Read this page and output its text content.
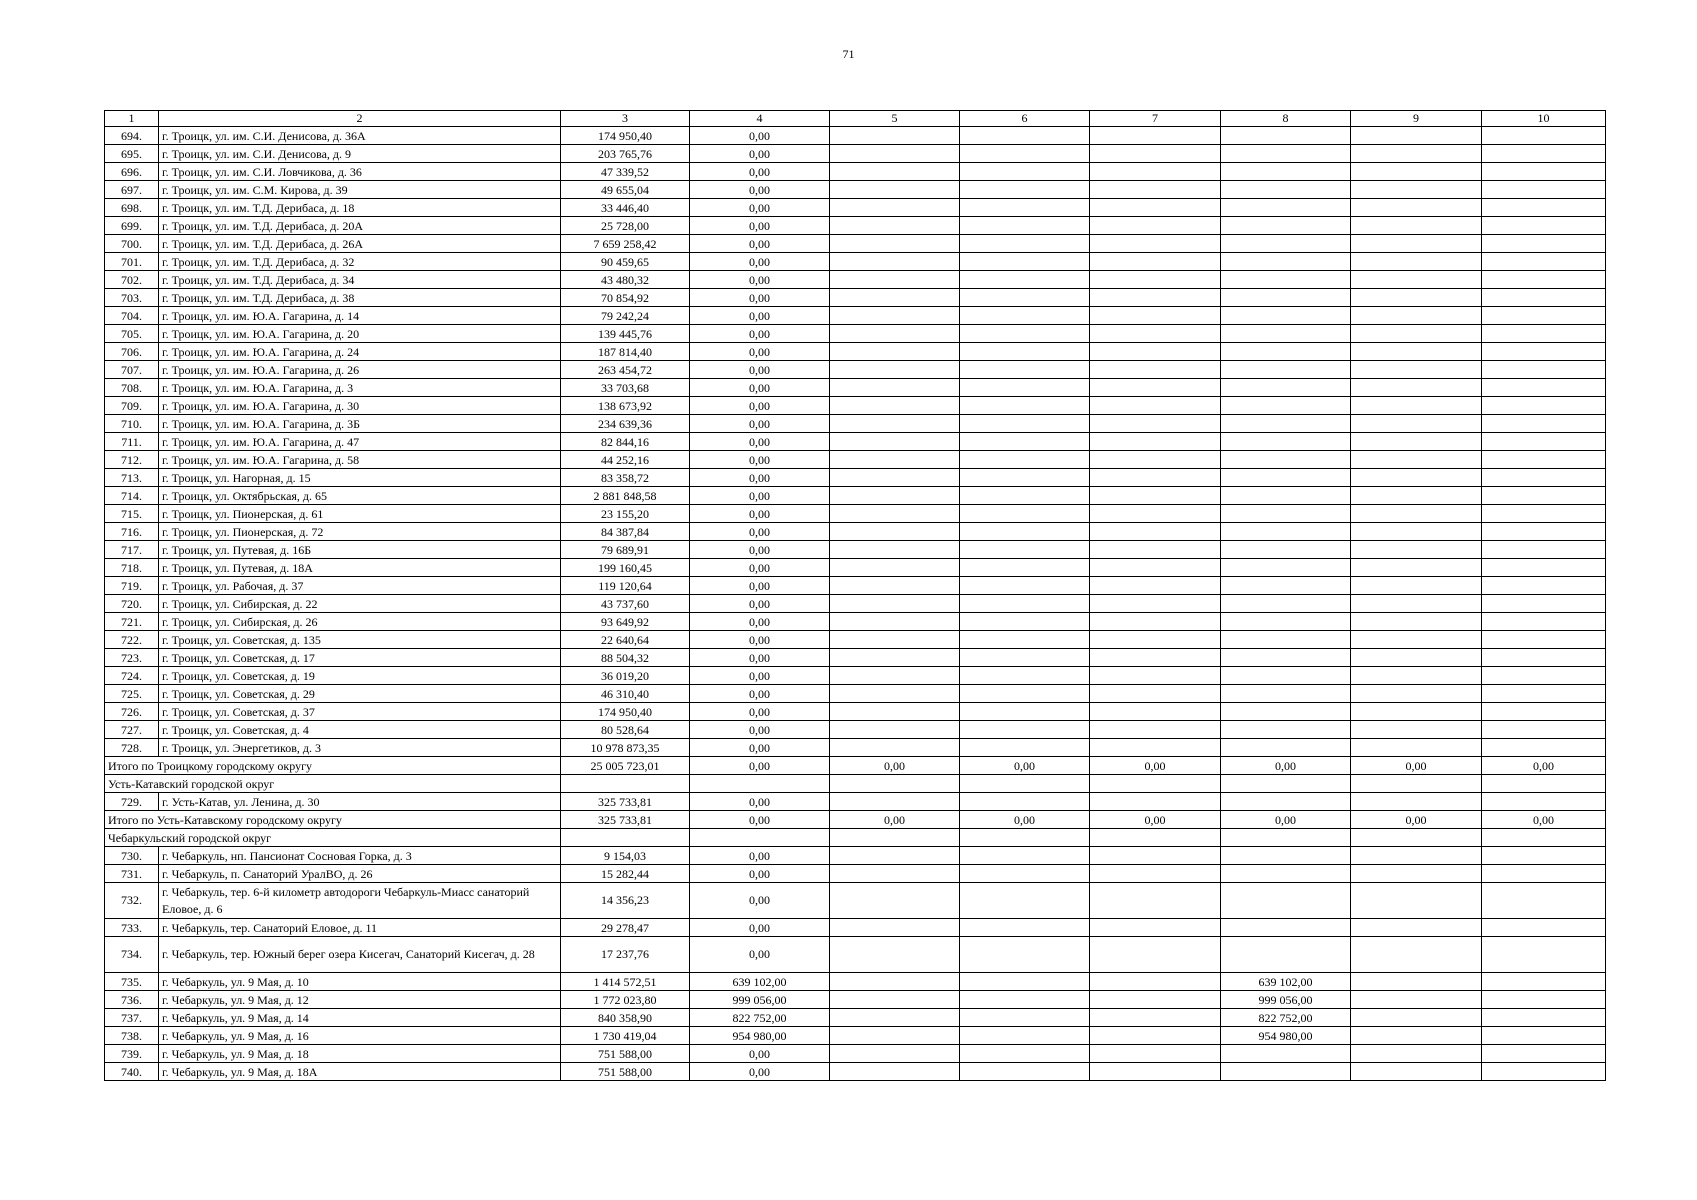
71
1	2	3	4	5	6	7	8	9	10
694.	г. Троицк, ул. им. С.И. Денисова, д. 36А	174 950,40	0,00						
695.	г. Троицк, ул. им. С.И. Денисова, д. 9	203 765,76	0,00						
696.	г. Троицк, ул. им. С.И. Ловчикова, д. 36	47 339,52	0,00						
697.	г. Троицк, ул. им. С.М. Кирова, д. 39	49 655,04	0,00						
698.	г. Троицк, ул. им. Т.Д. Дерибаса, д. 18	33 446,40	0,00						
699.	г. Троицк, ул. им. Т.Д. Дерибаса, д. 20А	25 728,00	0,00						
700.	г. Троицк, ул. им. Т.Д. Дерибаса, д. 26А	7 659 258,42	0,00						
701.	г. Троицк, ул. им. Т.Д. Дерибаса, д. 32	90 459,65	0,00						
702.	г. Троицк, ул. им. Т.Д. Дерибаса, д. 34	43 480,32	0,00						
703.	г. Троицк, ул. им. Т.Д. Дерибаса, д. 38	70 854,92	0,00						
704.	г. Троицк, ул. им. Ю.А. Гагарина, д. 14	79 242,24	0,00						
705.	г. Троицк, ул. им. Ю.А. Гагарина, д. 20	139 445,76	0,00						
706.	г. Троицк, ул. им. Ю.А. Гагарина, д. 24	187 814,40	0,00						
707.	г. Троицк, ул. им. Ю.А. Гагарина, д. 26	263 454,72	0,00						
708.	г. Троицк, ул. им. Ю.А. Гагарина, д. 3	33 703,68	0,00						
709.	г. Троицк, ул. им. Ю.А. Гагарина, д. 30	138 673,92	0,00						
710.	г. Троицк, ул. им. Ю.А. Гагарина, д. 3Б	234 639,36	0,00						
711.	г. Троицк, ул. им. Ю.А. Гагарина, д. 47	82 844,16	0,00						
712.	г. Троицк, ул. им. Ю.А. Гагарина, д. 58	44 252,16	0,00						
713.	г. Троицк, ул. Нагорная, д. 15	83 358,72	0,00						
714.	г. Троицк, ул. Октябрьская, д. 65	2 881 848,58	0,00						
715.	г. Троицк, ул. Пионерская, д. 61	23 155,20	0,00						
716.	г. Троицк, ул. Пионерская, д. 72	84 387,84	0,00						
717.	г. Троицк, ул. Путевая, д. 16Б	79 689,91	0,00						
718.	г. Троицк, ул. Путевая, д. 18А	199 160,45	0,00						
719.	г. Троицк, ул. Рабочая, д. 37	119 120,64	0,00						
720.	г. Троицк, ул. Сибирская, д. 22	43 737,60	0,00						
721.	г. Троицк, ул. Сибирская, д. 26	93 649,92	0,00						
722.	г. Троицк, ул. Советская, д. 135	22 640,64	0,00						
723.	г. Троицк, ул. Советская, д. 17	88 504,32	0,00						
724.	г. Троицк, ул. Советская, д. 19	36 019,20	0,00						
725.	г. Троицк, ул. Советская, д. 29	46 310,40	0,00						
726.	г. Троицк, ул. Советская, д. 37	174 950,40	0,00						
727.	г. Троицк, ул. Советская, д. 4	80 528,64	0,00						
728.	г. Троицк, ул. Энергетиков, д. 3	10 978 873,35	0,00						
Итого по Троицкому городскому округу		25 005 723,01	0,00	0,00	0,00	0,00	0,00	0,00	0,00
Усть-Катавский городской округ									
729.	г. Усть-Катав, ул. Ленина, д. 30	325 733,81	0,00						
Итого по Усть-Катавскому городскому округу		325 733,81	0,00	0,00	0,00	0,00	0,00	0,00	0,00
Чебаркульский городской округ									
730.	г. Чебаркуль, нп. Пансионат Сосновая Горка, д. 3	9 154,03	0,00						
731.	г. Чебаркуль, п. Санаторий УралВО, д. 26	15 282,44	0,00						
732.	г. Чебаркуль, тер. 6-й километр автодороги Чебаркуль-Миасс санаторий Еловое, д. 6	14 356,23	0,00						
733.	г. Чебаркуль, тер. Санаторий Еловое, д. 11	29 278,47	0,00						
734.	г. Чебаркуль, тер. Южный берег озера Кисегач, Санаторий Кисегач, д. 28	17 237,76	0,00						
735.	г. Чебаркуль, ул. 9 Мая, д. 10	1 414 572,51	639 102,00				639 102,00		
736.	г. Чебаркуль, ул. 9 Мая, д. 12	1 772 023,80	999 056,00				999 056,00		
737.	г. Чебаркуль, ул. 9 Мая, д. 14	840 358,90	822 752,00				822 752,00		
738.	г. Чебаркуль, ул. 9 Мая, д. 16	1 730 419,04	954 980,00				954 980,00		
739.	г. Чебаркуль, ул. 9 Мая, д. 18	751 588,00	0,00						
740.	г. Чебаркуль, ул. 9 Мая, д. 18А	751 588,00	0,00						
